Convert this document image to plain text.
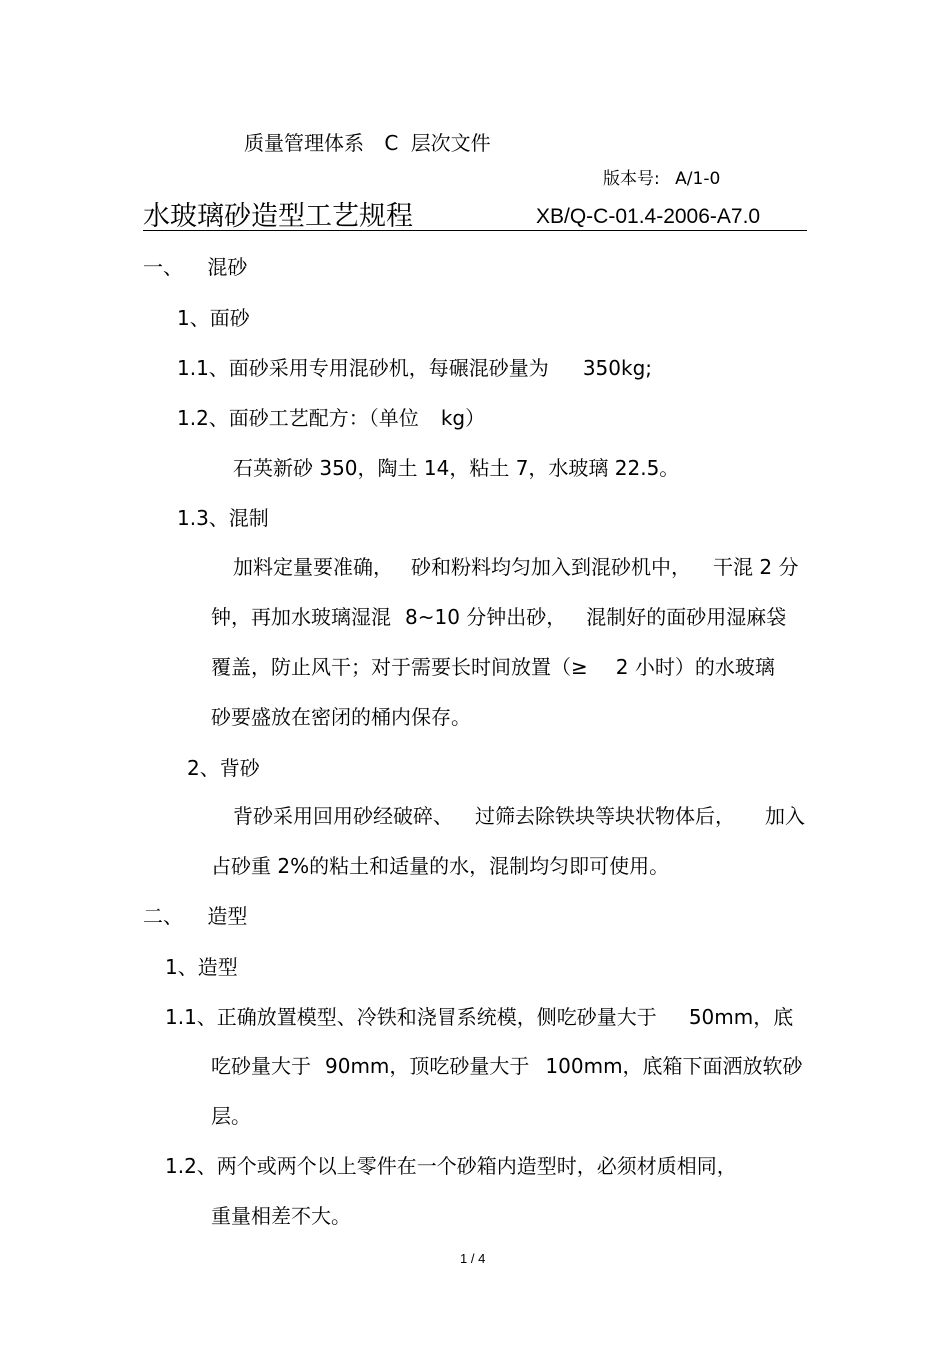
质量管理体系 C 层次文件
版本号: A/1-0
水玻璃砂造型工艺规程	XB/Q-C-01.4-2006-A7.0
一、 混砂
1、面砂
1.1、面砂采用专用混砂机，每碾混砂量为 350kg;
1.2、面砂工艺配方：（单位 kg）
石英新砂 350，陶土 14，粘土 7，水玻璃 22.5。
1.3、混制
加料定量要准确， 砂和粉料均匀加入到混砂机中， 干混 2 分
钟，再加水玻璃湿混 8~10 分钟出砂， 混制好的面砂用湿麻袋
覆盖，防止风干；对于需要长时间放置（≥ 2 小时）的水玻璃
砂要盛放在密闭的桶内保存。
2、背砂
背砂采用回用砂经破碎、 过筛去除铁块等块状物体后， 加入
占砂重 2%的粘土和适量的水，混制均匀即可使用。
二、 造型
1、造型
1.1、正确放置模型、冷铁和浇冒系统模，侧吃砂量大于 50mm，底
吃砂量大于 90mm，顶吃砂量大于 100mm，底箱下面洒放软砂
层。
1.2、两个或两个以上零件在一个砂箱内造型时，必须材质相同，
重量相差不大。
1 / 4
